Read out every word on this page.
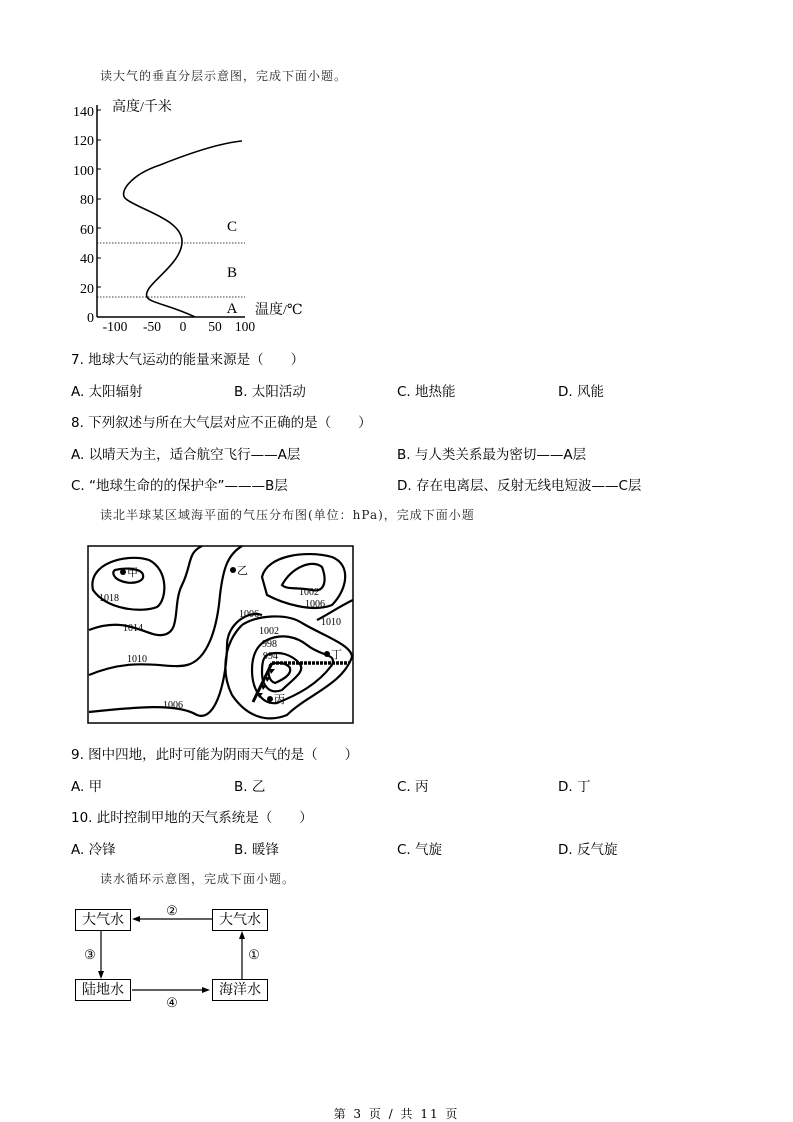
读大气的垂直分层示意图，完成下面小题。
0
20
40
60
80
100
120
140
-100 -50 0 50 100
高度/千米
温度/℃
A
B
C
7. 地球大气运动的能量来源是（　　）
A. 太阳辐射	B. 太阳活动	C. 地热能	D. 风能
8. 下列叙述与所在大气层对应不正确的是（　　）
A. 以晴天为主，适合航空飞行——A层	B. 与人类关系最为密切——A层
C. “地球生命的的保护伞”———B层	D. 存在电离层、反射无线电短波——C层
读北半球某区域海平面的气压分布图(单位：hPa)，完成下面小题
1018
1014
1010
1006
1006
1002
1006
1010
1002
998
994
甲	乙
丙
丁
9. 图中四地，此时可能为阴雨天气的是（　　）
A. 甲	B. 乙	C. 丙	D. 丁
10. 此时控制甲地的天气系统是（　　）
A. 冷锋	B. 暖锋	C. 气旋	D. 反气旋
读水循环示意图，完成下面小题。
②
③
④
①
大气水	大气水
陆地水	海洋水
第 3 页 / 共 11 页
